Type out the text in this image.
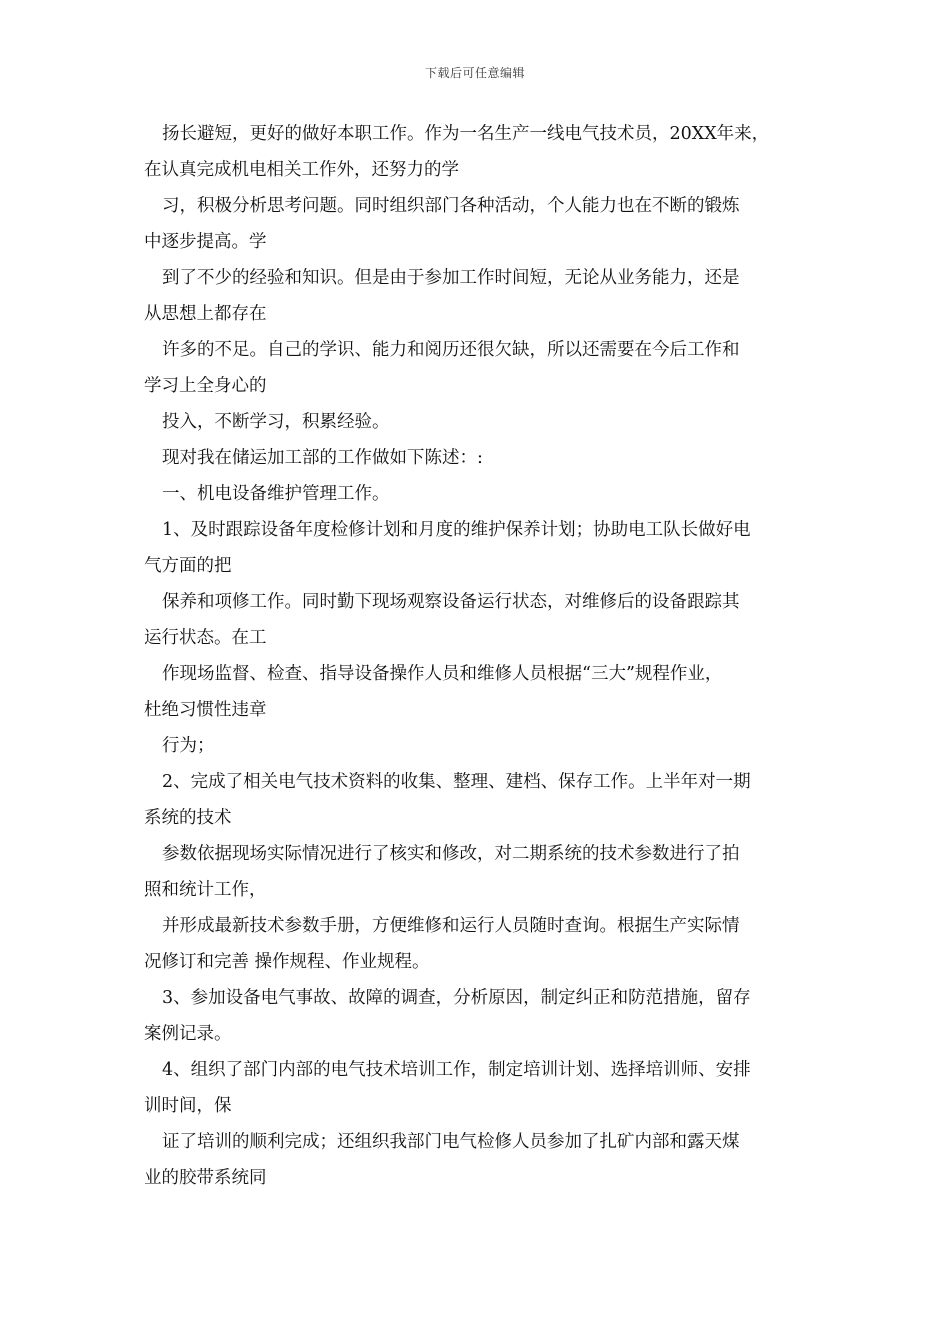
下载后可任意编辑
扬长避短，更好的做好本职工作。作为一名生产一线电气技术员，20XX年来，
在认真完成机电相关工作外，还努力的学
习，积极分析思考问题。同时组织部门各种活动，个人能力也在不断的锻炼
中逐步提高。学
到了不少的经验和知识。但是由于参加工作时间短，无论从业务能力，还是
从思想上都存在
许多的不足。自己的学识、能力和阅历还很欠缺，所以还需要在今后工作和
学习上全身心的
投入，不断学习，积累经验。
现对我在储运加工部的工作做如下陈述：:
一、机电设备维护管理工作。
1、及时跟踪设备年度检修计划和月度的维护保养计划；协助电工队长做好电
气方面的把
保养和项修工作。同时勤下现场观察设备运行状态，对维修后的设备跟踪其
运行状态。在工
作现场监督、检查、指导设备操作人员和维修人员根据“三大”规程作业，
杜绝习惯性违章
行为；
2、完成了相关电气技术资料的收集、整理、建档、保存工作。上半年对一期
系统的技术
参数依据现场实际情况进行了核实和修改，对二期系统的技术参数进行了拍
照和统计工作，
并形成最新技术参数手册，方便维修和运行人员随时查询。根据生产实际情
况修订和完善 操作规程、作业规程。
3、参加设备电气事故、故障的调查，分析原因，制定纠正和防范措施，留存
案例记录。
4、组织了部门内部的电气技术培训工作，制定培训计划、选择培训师、安排
训时间，保
证了培训的顺利完成；还组织我部门电气检修人员参加了扎矿内部和露天煤
业的胶带系统同
